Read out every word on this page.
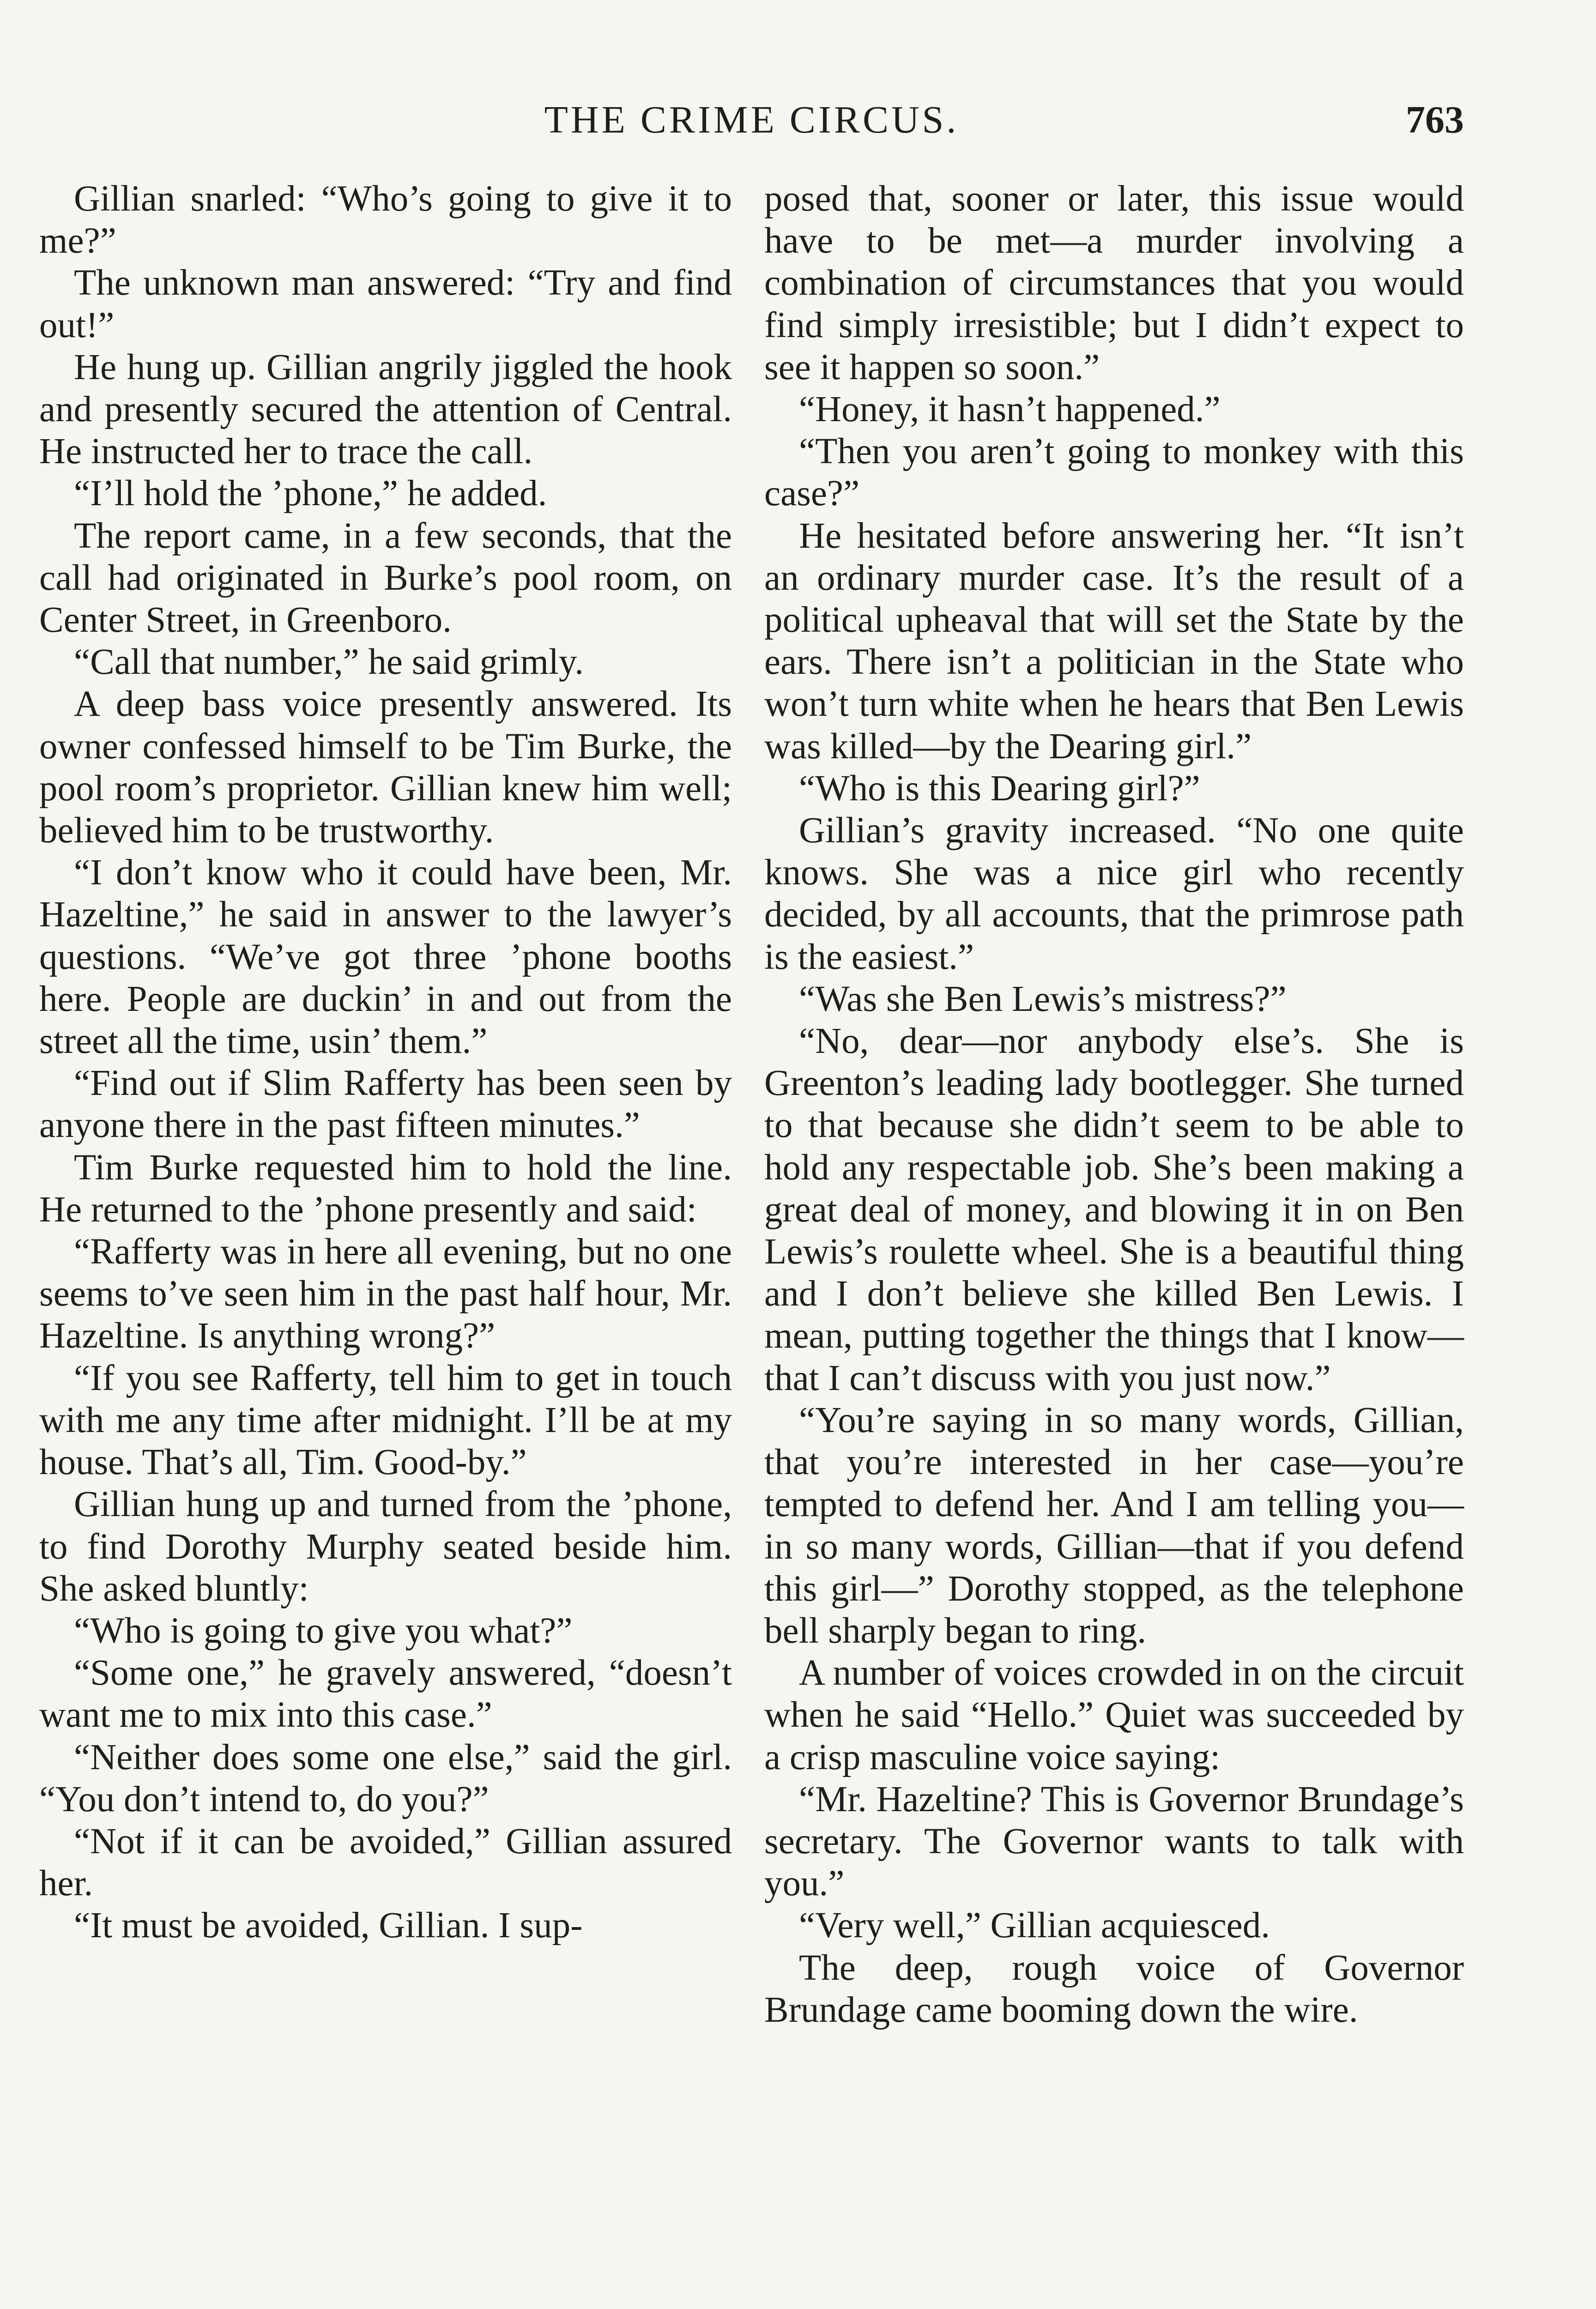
THE CRIME CIRCUS.	763

Gillian snarled: “Who’s going to give it to me?”

The unknown man answered: “Try and find out!”

He hung up. Gillian angrily jiggled the hook and presently secured the attention of Central. He instructed her to trace the call.

“I’ll hold the ’phone,” he added.

The report came, in a few seconds, that the call had originated in Burke’s pool room, on Center Street, in Greenboro.

“Call that number,” he said grimly.

A deep bass voice presently answered. Its owner confessed himself to be Tim Burke, the pool room’s proprietor. Gillian knew him well; believed him to be trustworthy.

“I don’t know who it could have been, Mr. Hazeltine,” he said in answer to the lawyer’s questions. “We’ve got three ’phone booths here. People are duckin’ in and out from the street all the time, usin’ them.”

“Find out if Slim Rafferty has been seen by anyone there in the past fifteen minutes.”

Tim Burke requested him to hold the line. He returned to the ’phone presently and said:

“Rafferty was in here all evening, but no one seems to’ve seen him in the past half hour, Mr. Hazeltine. Is anything wrong?”

“If you see Rafferty, tell him to get in touch with me any time after midnight. I’ll be at my house. That’s all, Tim. Good-by.”

Gillian hung up and turned from the ’phone, to find Dorothy Murphy seated beside him. She asked bluntly:

“Who is going to give you what?”

“Some one,” he gravely answered, “doesn’t want me to mix into this case.”

“Neither does some one else,” said the girl. “You don’t intend to, do you?”

“Not if it can be avoided,” Gillian assured her.

“It must be avoided, Gillian. I sup-

posed that, sooner or later, this issue would have to be met—a murder involving a combination of circumstances that you would find simply irresistible; but I didn’t expect to see it happen so soon.”

“Honey, it hasn’t happened.”

“Then you aren’t going to monkey with this case?”

He hesitated before answering her. “It isn’t an ordinary murder case. It’s the result of a political upheaval that will set the State by the ears. There isn’t a politician in the State who won’t turn white when he hears that Ben Lewis was killed—by the Dearing girl.”

“Who is this Dearing girl?”

Gillian’s gravity increased. “No one quite knows. She was a nice girl who recently decided, by all accounts, that the primrose path is the easiest.”

“Was she Ben Lewis’s mistress?”

“No, dear—nor anybody else’s. She is Greenton’s leading lady bootlegger. She turned to that because she didn’t seem to be able to hold any respectable job. She’s been making a great deal of money, and blowing it in on Ben Lewis’s roulette wheel. She is a beautiful thing and I don’t believe she killed Ben Lewis. I mean, putting together the things that I know—that I can’t discuss with you just now.”

“You’re saying in so many words, Gillian, that you’re interested in her case—you’re tempted to defend her. And I am telling you—in so many words, Gillian—that if you defend this girl—” Dorothy stopped, as the telephone bell sharply began to ring.

A number of voices crowded in on the circuit when he said “Hello.” Quiet was succeeded by a crisp masculine voice saying:

“Mr. Hazeltine? This is Governor Brundage’s secretary. The Governor wants to talk with you.”

“Very well,” Gillian acquiesced.

The deep, rough voice of Governor Brundage came booming down the wire.
